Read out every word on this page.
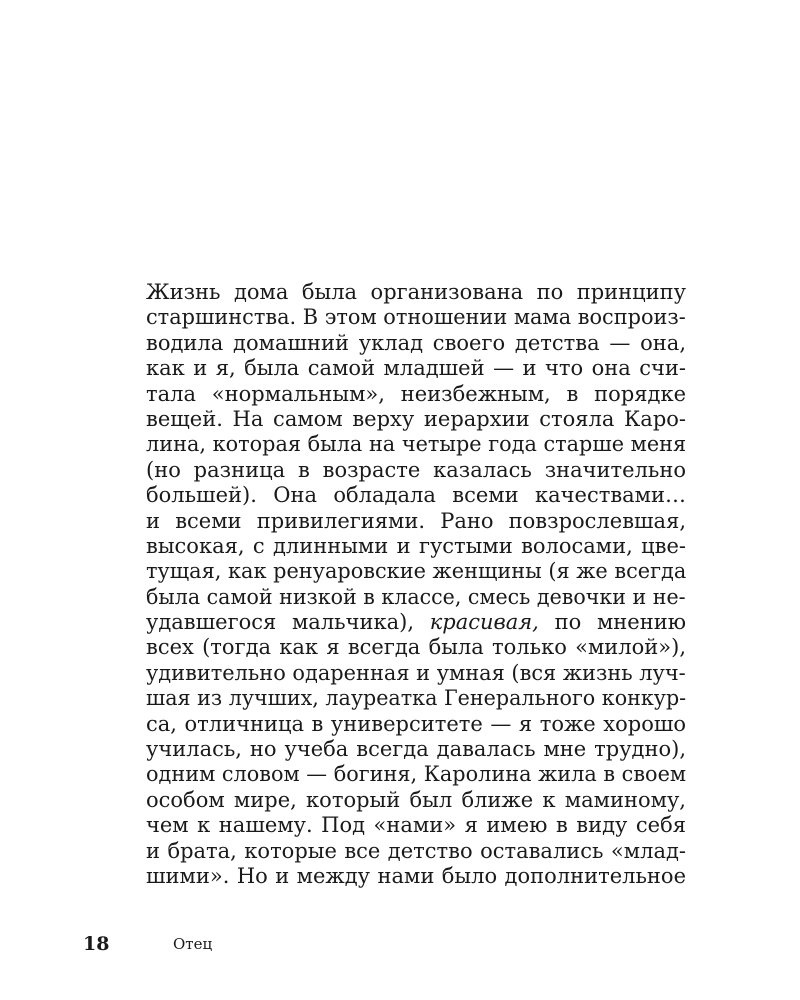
Жизнь дома была организована по принципу
старшинства. В этом отношении мама воспроиз-
водила домашний уклад своего детства — она,
как и я, была самой младшей — и что она счи-
тала «нормальным», неизбежным, в порядке
вещей. На самом верху иерархии стояла Каро-
лина, которая была на четыре года старше меня
(но разница в возрасте казалась значительно
большей). Она обладала всеми качествами…
и всеми привилегиями. Рано повзрослевшая,
высокая, с длинными и густыми волосами, цве-
тущая, как ренуаровские женщины (я же всегда
была самой низкой в классе, смесь девочки и не-
удавшегося мальчика), красивая, по мнению
всех (тогда как я всегда была только «милой»),
удивительно одаренная и умная (вся жизнь луч-
шая из лучших, лауреатка Генерального конкур-
са, отличница в университете — я тоже хорошо
училась, но учеба всегда давалась мне трудно),
одним словом — богиня, Каролина жила в своем
особом мире, который был ближе к маминому,
чем к нашему. Под «нами» я имею в виду себя
и брата, которые все детство оставались «млад-
шими». Но и между нами было дополнительное
18	Отец
